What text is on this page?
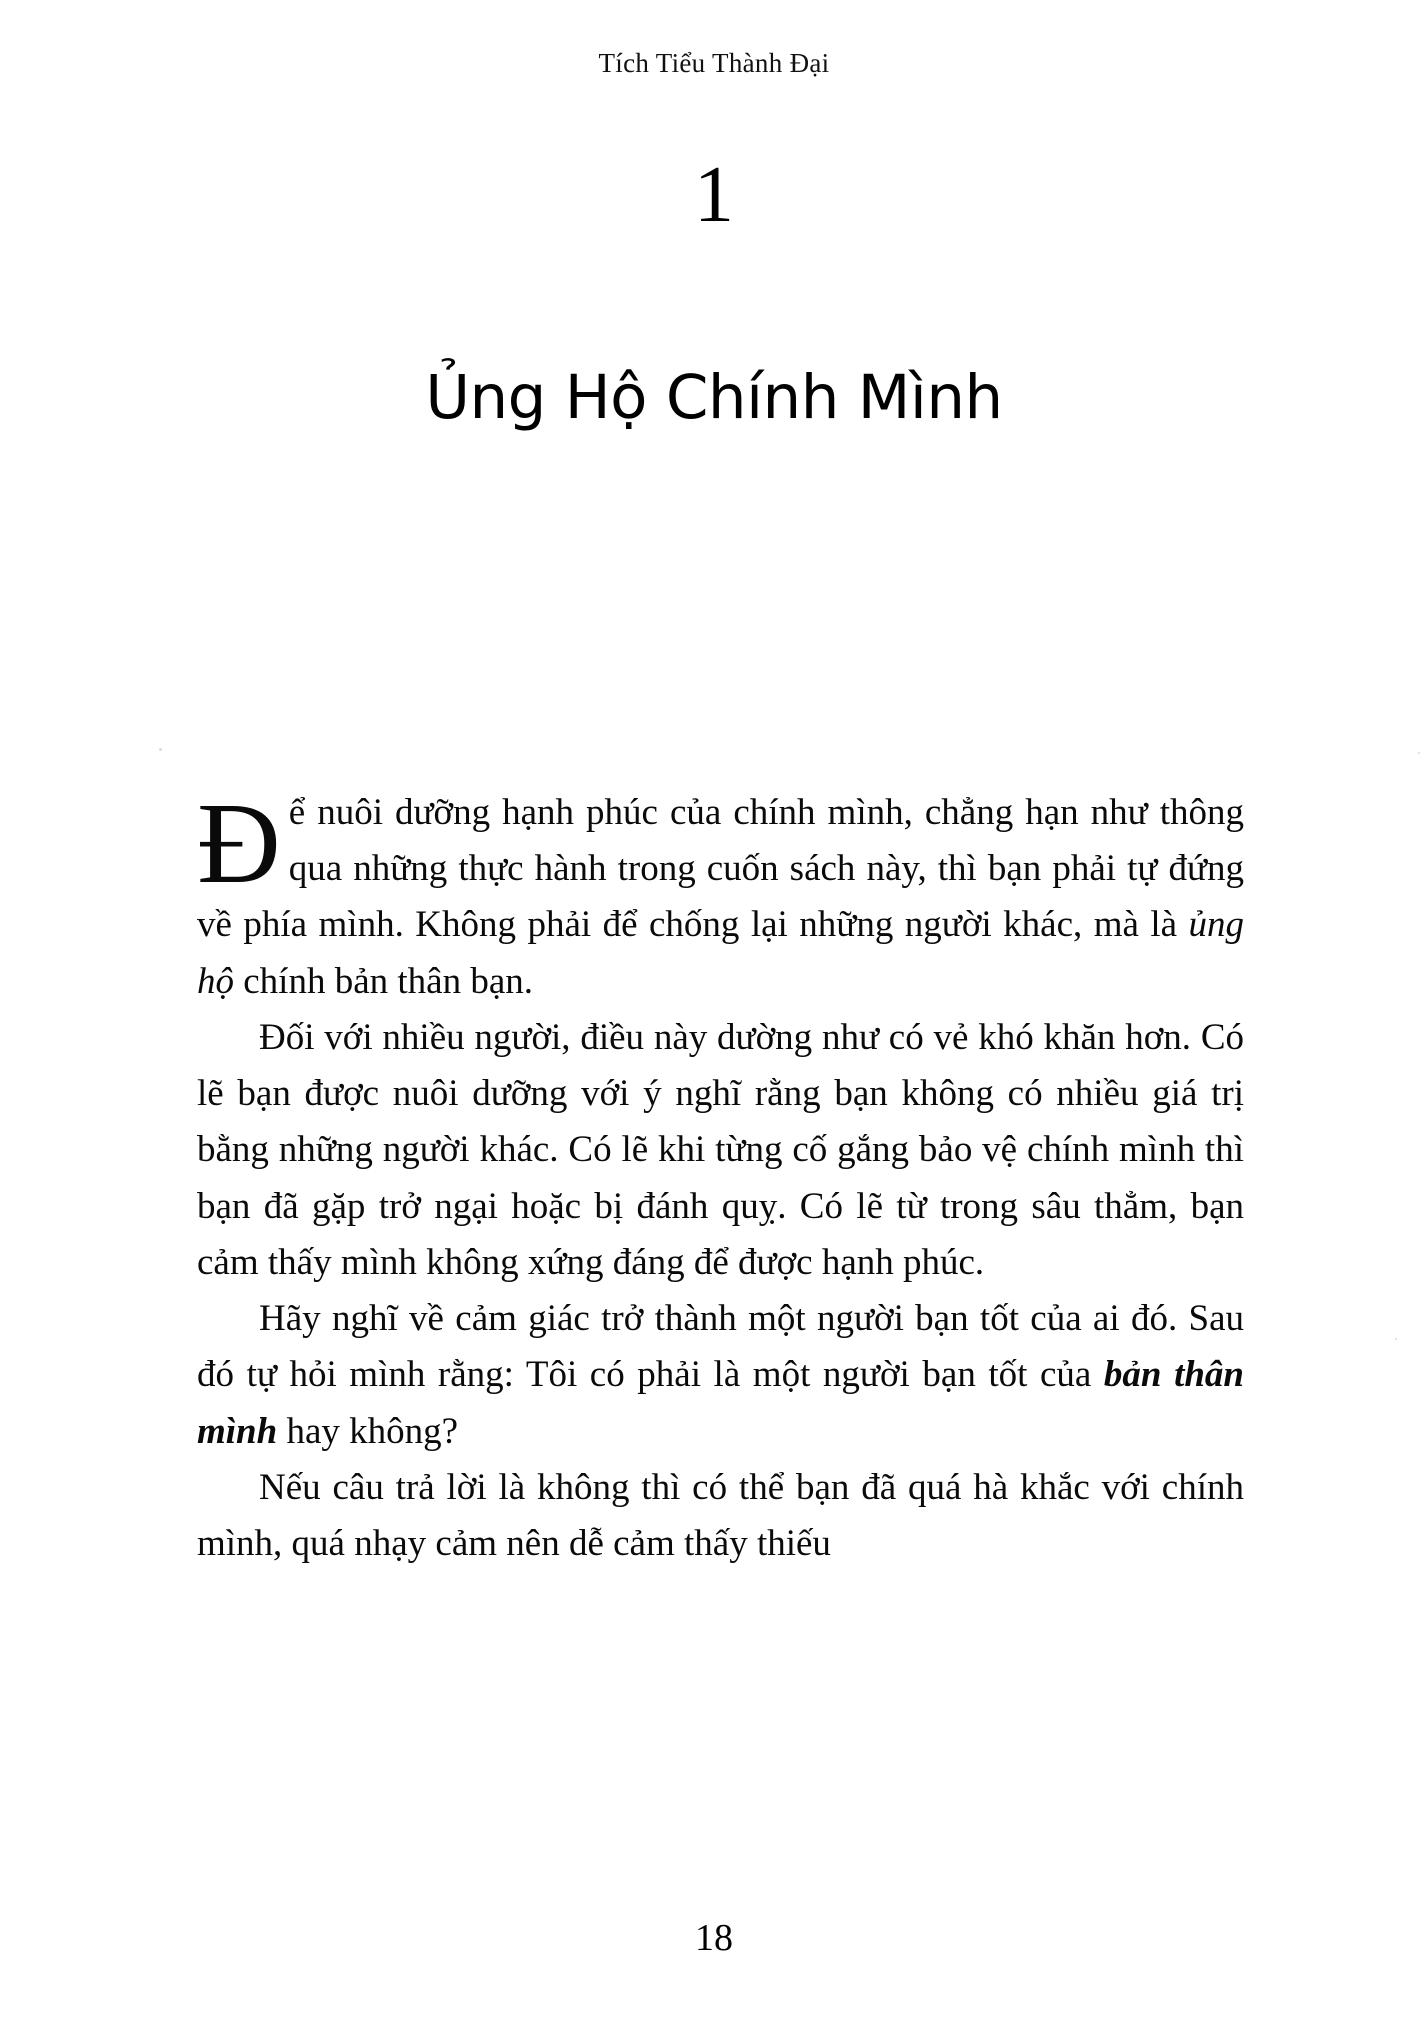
Tích Tiểu Thành Đại
1
Ủng Hộ Chính Mình

Để nuôi dưỡng hạnh phúc của chính mình, chẳng hạn như thông qua những thực hành trong cuốn sách này, thì bạn phải tự đứng về phía mình. Không phải để chống lại những người khác, mà là ủng hộ chính bản thân bạn.

Đối với nhiều người, điều này dường như có vẻ khó khăn hơn. Có lẽ bạn được nuôi dưỡng với ý nghĩ rằng bạn không có nhiều giá trị bằng những người khác. Có lẽ khi từng cố gắng bảo vệ chính mình thì bạn đã gặp trở ngại hoặc bị đánh quỵ. Có lẽ từ trong sâu thẳm, bạn cảm thấy mình không xứng đáng để được hạnh phúc.

Hãy nghĩ về cảm giác trở thành một người bạn tốt của ai đó. Sau đó tự hỏi mình rằng: Tôi có phải là một người bạn tốt của bản thân mình hay không?

Nếu câu trả lời là không thì có thể bạn đã quá hà khắc với chính mình, quá nhạy cảm nên dễ cảm thấy thiếu

18
